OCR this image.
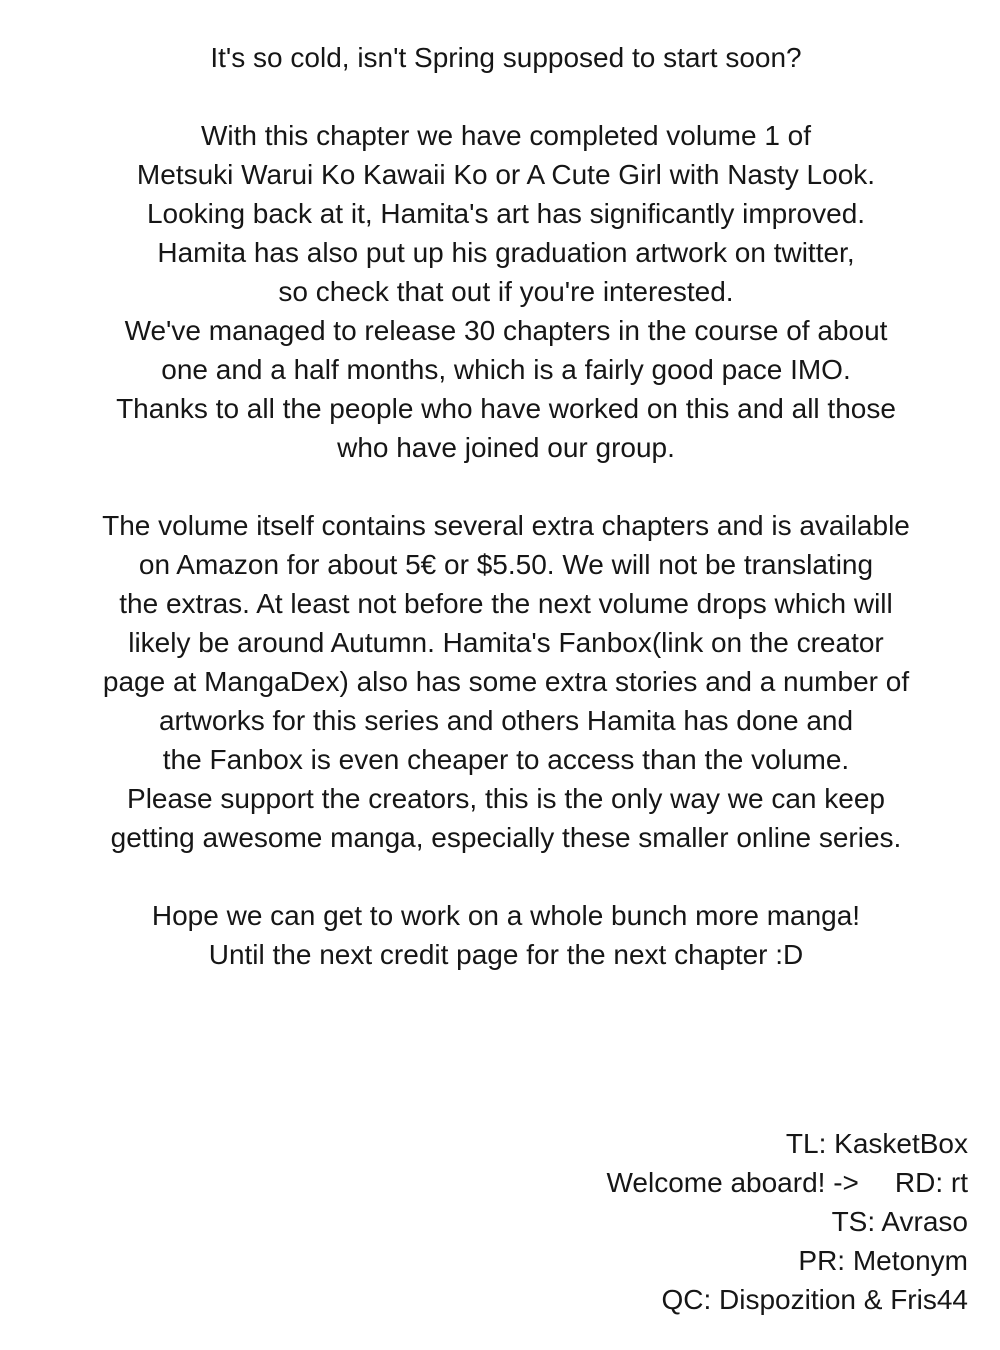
It's so cold, isn't Spring supposed to start soon?
With this chapter we have completed volume 1 of
Metsuki Warui Ko Kawaii Ko or A Cute Girl with Nasty Look.
Looking back at it, Hamita's art has significantly improved.
Hamita has also put up his graduation artwork on twitter,
so check that out if you're interested.
We've managed to release 30 chapters in the course of about
one and a half months, which is a fairly good pace IMO.
Thanks to all the people who have worked on this and all those
who have joined our group.
The volume itself contains several extra chapters and is available
on Amazon for about 5€ or $5.50. We will not be translating
the extras. At least not before the next volume drops which will
likely be around Autumn. Hamita's Fanbox(link on the creator
page at MangaDex) also has some extra stories and a number of
artworks for this series and others Hamita has done and
the Fanbox is even cheaper to access than the volume.
Please support the creators, this is the only way we can keep
getting awesome manga, especially these smaller online series.
Hope we can get to work on a whole bunch more manga!
Until the next credit page for the next chapter :D
TL: KasketBox
Welcome aboard! -> RD: rt
TS: Avraso
PR: Metonym
QC: Dispozition & Fris44
